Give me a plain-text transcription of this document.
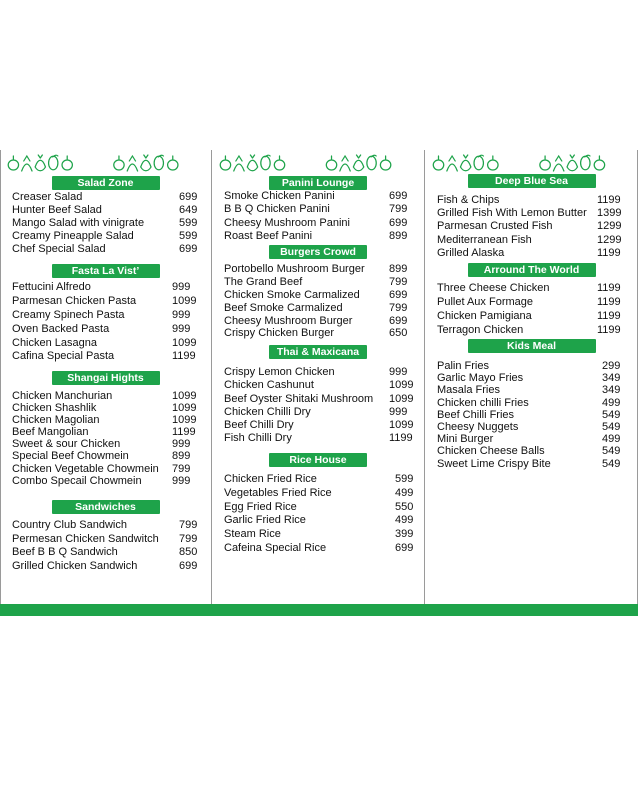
Salad Zone
Creaser Salad	699
Hunter Beef Salad	649
Mango Salad with vinigrate	599
Creamy Pineapple Salad	599
Chef Special Salad	699
Fasta La Vist’
Fettucini Alfredo	999
Parmesan Chicken Pasta	1099
Creamy Spinech Pasta	999
Oven Backed Pasta	999
Chicken Lasagna	1099
Cafina Special Pasta	1199
Shangai Hights
Chicken Manchurian	1099
Chicken Shashlik	1099
Chicken Magolian	1099
Beef Mangolian	1199
Sweet & sour Chicken	999
Special Beef Chowmein	899
Chicken Vegetable Chowmein 799
Combo Specail Chowmein	999
Sandwiches
Country Club Sandwich	799
Permesan Chicken Sandwitch 799
Beef B B Q Sandwich	850
Grilled Chicken Sandwich	699
Panini Lounge
Smoke Chicken Panini	699
B B Q Chicken Panini	799
Cheesy Mushroom Panini	699
Roast Beef Panini	899
Burgers Crowd
Portobello Mushroom Burger 899
The Grand Beef	799
Chicken Smoke Carmalized	699
Beef Smoke Carmalized	799
Cheesy Mushroom Burger	699
Crispy Chicken Burger	650
Thai & Maxicana
Crispy Lemon Chicken	999
Chicken Cashunut	1099
Beef Oyster Shitaki Mushroom 1099
Chicken Chilli Dry	999
Beef Chilli Dry	1099
Fish Chilli Dry	1199
Rice House
Chicken Fried Rice	599
Vegetables Fried Rice	499
Egg Fried Rice	550
Garlic Fried Rice	499
Steam Rice	399
Cafeina Special Rice	699
Deep Blue Sea
Fish & Chips	1199
Grilled Fish With Lemon Butter 1399
Parmesan Crusted Fish	1299
Mediterranean Fish	1299
Grilled Alaska	1199
Arround The World
Three Cheese Chicken	1199
Pullet Aux Formage	1199
Chicken Pamigiana	1199
Terragon Chicken	1199
Kids Meal
Palin Fries	299
Garlic Mayo Fries	349
Masala Fries	349
Chicken chilli Fries	499
Beef Chilli Fries	549
Cheesy Nuggets	549
Mini Burger	499
Chicken Cheese Balls	549
Sweet Lime Crispy Bite	549
